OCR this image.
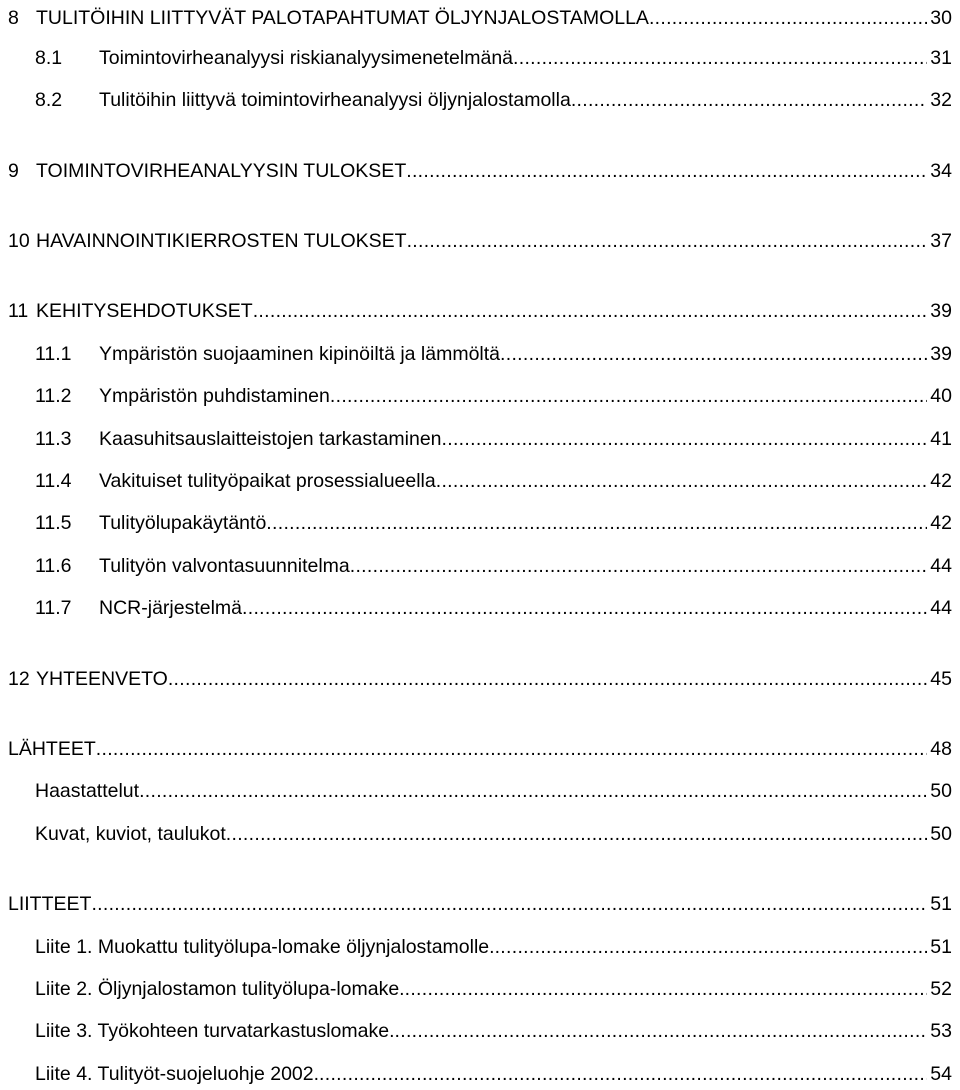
8 TULITÖIHIN LIITTYVÄT PALOTAPAHTUMAT ÖLJYNJALOSTAMOLLA .....	30
8.1	Toimintovirheanalyysi riskianalyysimenetelmänä .....	31
8.2	Tulitöihin liittyvä toimintovirheanalyysi öljynjalostamolla .....	32
9 TOIMINTOVIRHEANALYYSIN TULOKSET .....	34
10 HAVAINNOINTIKIERROSTEN TULOKSET .....	37
11 KEHITYSEHDOTUKSET .....	39
11.1	Ympäristön suojaaminen kipinöiltä ja lämmöltä .....	39
11.2	Ympäristön puhdistaminen .....	40
11.3	Kaasuhitsauslaitteistojen tarkastaminen .....	41
11.4	Vakituiset tulityöpaikat prosessialueella .....	42
11.5	Tulityölupakäytäntö .....	42
11.6	Tulityön valvontasuunnitelma .....	44
11.7	NCR-järjestelmä .....	44
12 YHTEENVETO .....	45
LÄHTEET .....	48
Haastattelut .....	50
Kuvat, kuviot, taulukot .....	50
LIITTEET .....	51
Liite 1. Muokattu tulityölupa-lomake öljynjalostamolle. .....	51
Liite 2. Öljynjalostamon tulityölupa-lomake. .....	52
Liite 3. Työkohteen turvatarkastuslomake. .....	53
Liite 4. Tulityöt-suojeluohje 2002. .....	54
